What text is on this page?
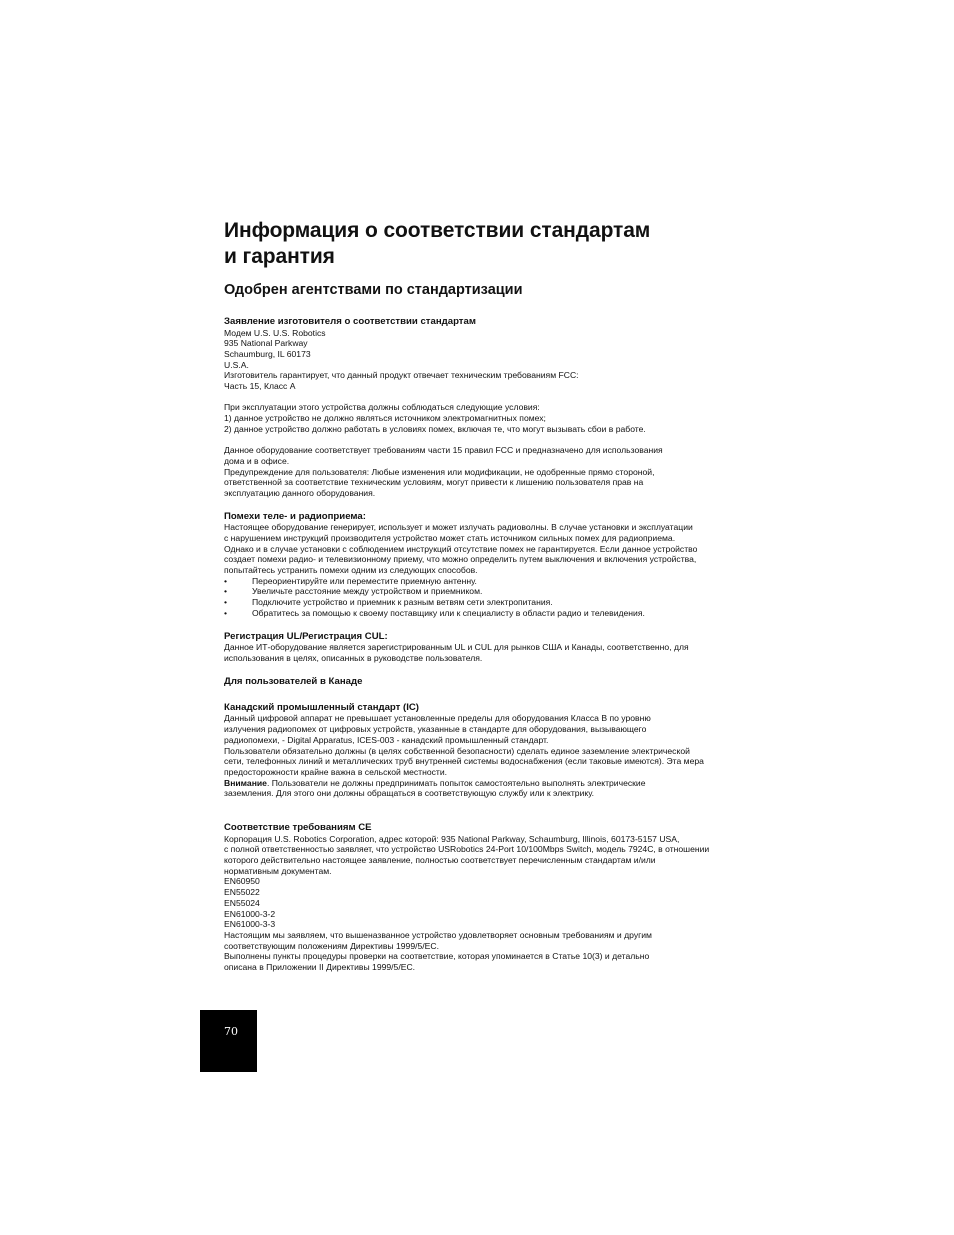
Информация о соответствии стандартам
и гарантия
Одобрен агентствами по стандартизации
Заявление изготовителя о соответствии стандартам
Модем U.S. U.S. Robotics
935 National Parkway
Schaumburg, IL 60173
U.S.A.
Изготовитель гарантирует, что данный продукт отвечает техническим требованиям FCC:
Часть 15, Класс A
При эксплуатации этого устройства должны соблюдаться следующие условия:
1) данное устройство не должно являться источником электромагнитных помех;
2) данное устройство должно работать в условиях помех, включая те, что могут вызывать сбои в работе.
Данное оборудование соответствует требованиям части 15 правил FCC и предназначено для использования
дома и в офисе.
Предупреждение для пользователя: Любые изменения или модификации, не одобренные прямо стороной,
ответственной за соответствие техническим условиям, могут привести к лишению пользователя прав на
эксплуатацию данного оборудования.
Помехи теле- и радиоприема:
Настоящее оборудование генерирует, использует и может излучать радиоволны. В случае установки и эксплуатации
с нарушением инструкций производителя устройство может стать источником сильных помех для радиоприема.
Однако и в случае установки с соблюдением инструкций отсутствие помех не гарантируется. Если данное устройство
создает помехи радио- и телевизионному приему, что можно определить путем выключения и включения устройства,
попытайтесь устранить помехи одним из следующих способов.
•	Переориентируйте или переместите приемную антенну.
•	Увеличьте расстояние между устройством и приемником.
•	Подключите устройство и приемник к разным ветвям сети электропитания.
•	Обратитесь за помощью к своему поставщику или к специалисту в области радио и телевидения.
Регистрация UL/Регистрация CUL:
Данное ИТ-оборудование является зарегистрированным UL и CUL для рынков США и Канады, соответственно, для
использования в целях, описанных в руководстве пользователя.
Для пользователей в Канаде
Канадский промышленный стандарт (IC)
Данный цифровой аппарат не превышает установленные пределы для оборудования Класса B по уровню
излучения радиопомех от цифровых устройств, указанные в стандарте для оборудования, вызывающего
радиопомехи, - Digital Apparatus, ICES-003 - канадский промышленный стандарт.
Пользователи обязательно должны (в целях собственной безопасности) сделать единое заземление электрической
сети, телефонных линий и металлических труб внутренней системы водоснабжения (если таковые имеются). Эта мера
предосторожности крайне важна в сельской местности.
Внимание. Пользователи не должны предпринимать попыток самостоятельно выполнять электрические
заземления. Для этого они должны обращаться в соответствующую службу или к электрику.
Соответствие требованиям CE
Корпорация U.S. Robotics Corporation, адрес которой: 935 National Parkway, Schaumburg, Illinois, 60173-5157 USA,
с полной ответственностью заявляет, что устройство USRobotics 24-Port 10/100Mbps Switch, модель 7924C, в отношении
которого действительно настоящее заявление, полностью соответствует перечисленным стандартам и/или
нормативным документам.
EN60950
EN55022
EN55024
EN61000-3-2
EN61000-3-3
Настоящим мы заявляем, что вышеназванное устройство удовлетворяет основным требованиям и другим
соответствующим положениям Директивы 1999/5/EC.
Выполнены пункты процедуры проверки на соответствие, которая упоминается в Статье 10(3) и детально
описана в Приложении II Директивы 1999/5/EC.
70
